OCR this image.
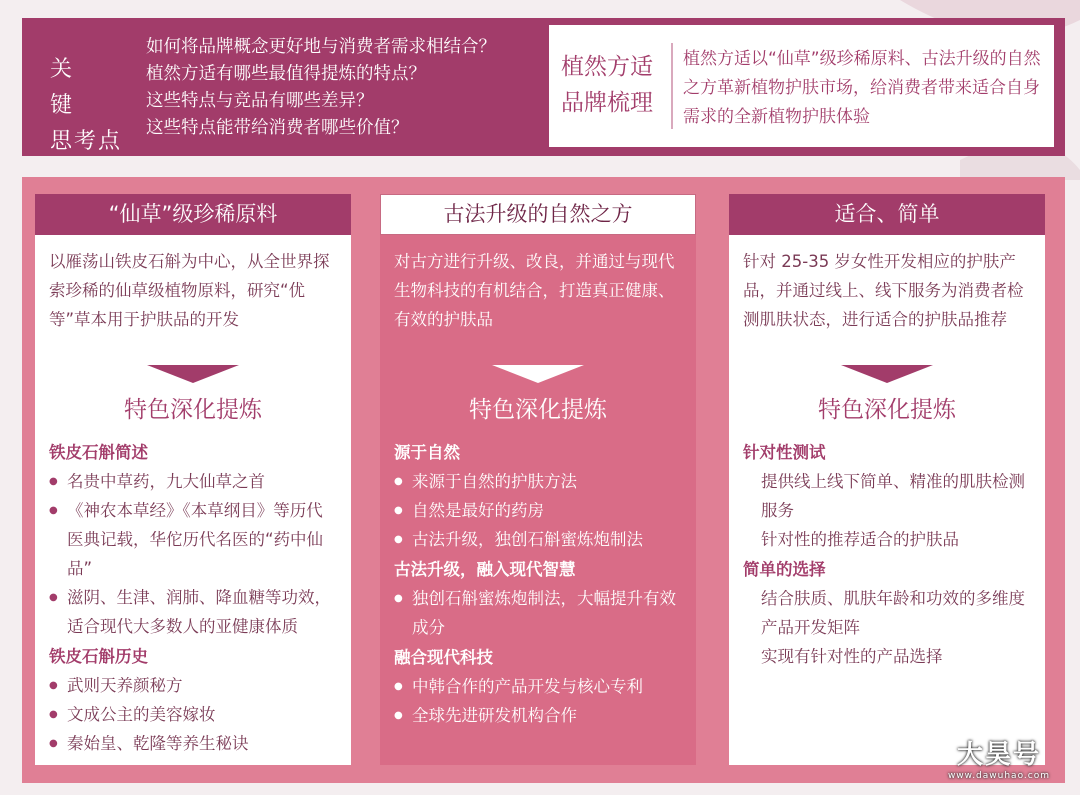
关键
思考点
如何将品牌概念更好地与消费者需求相结合？
植然方适有哪些最值得提炼的特点？
这些特点与竞品有哪些差异？
这些特点能带给消费者哪些价值？
植然方适
品牌梳理
植然方适以“仙草”级珍稀原料、古法升级的自然之方革新植物护肤市场，给消费者带来适合自身需求的全新植物护肤体验
“仙草”级珍稀原料
以雁荡山铁皮石斛为中心，从全世界探索珍稀的仙草级植物原料，研究“优等”草本用于护肤品的开发
特色深化提炼
铁皮石斛简述
● 名贵中草药，九大仙草之首
● 《神农本草经》《本草纲目》等历代医典记载，华佗历代名医的“药中仙品”
● 滋阴、生津、润肺、降血糖等功效，适合现代大多数人的亚健康体质
铁皮石斛历史
● 武则天养颜秘方
● 文成公主的美容嫁妆
● 秦始皇、乾隆等养生秘诀
古法升级的自然之方
对古方进行升级、改良，并通过与现代生物科技的有机结合，打造真正健康、有效的护肤品
特色深化提炼
源于自然
● 来源于自然的护肤方法
● 自然是最好的药房
● 古法升级，独创石斛蜜炼炮制法
古法升级，融入现代智慧
● 独创石斛蜜炼炮制法，大幅提升有效成分
融合现代科技
● 中韩合作的产品开发与核心专利
● 全球先进研发机构合作
适合、简单
针对 25-35 岁女性开发相应的护肤产品，并通过线上、线下服务为消费者检测肌肤状态，进行适合的护肤品推荐
特色深化提炼
针对性测试
提供线上线下简单、精准的肌肤检测服务
针对性的推荐适合的护肤品
简单的选择
结合肤质、肌肤年龄和功效的多维度产品开发矩阵
实现有针对性的产品选择
大昊号
www.dawuhao.com
